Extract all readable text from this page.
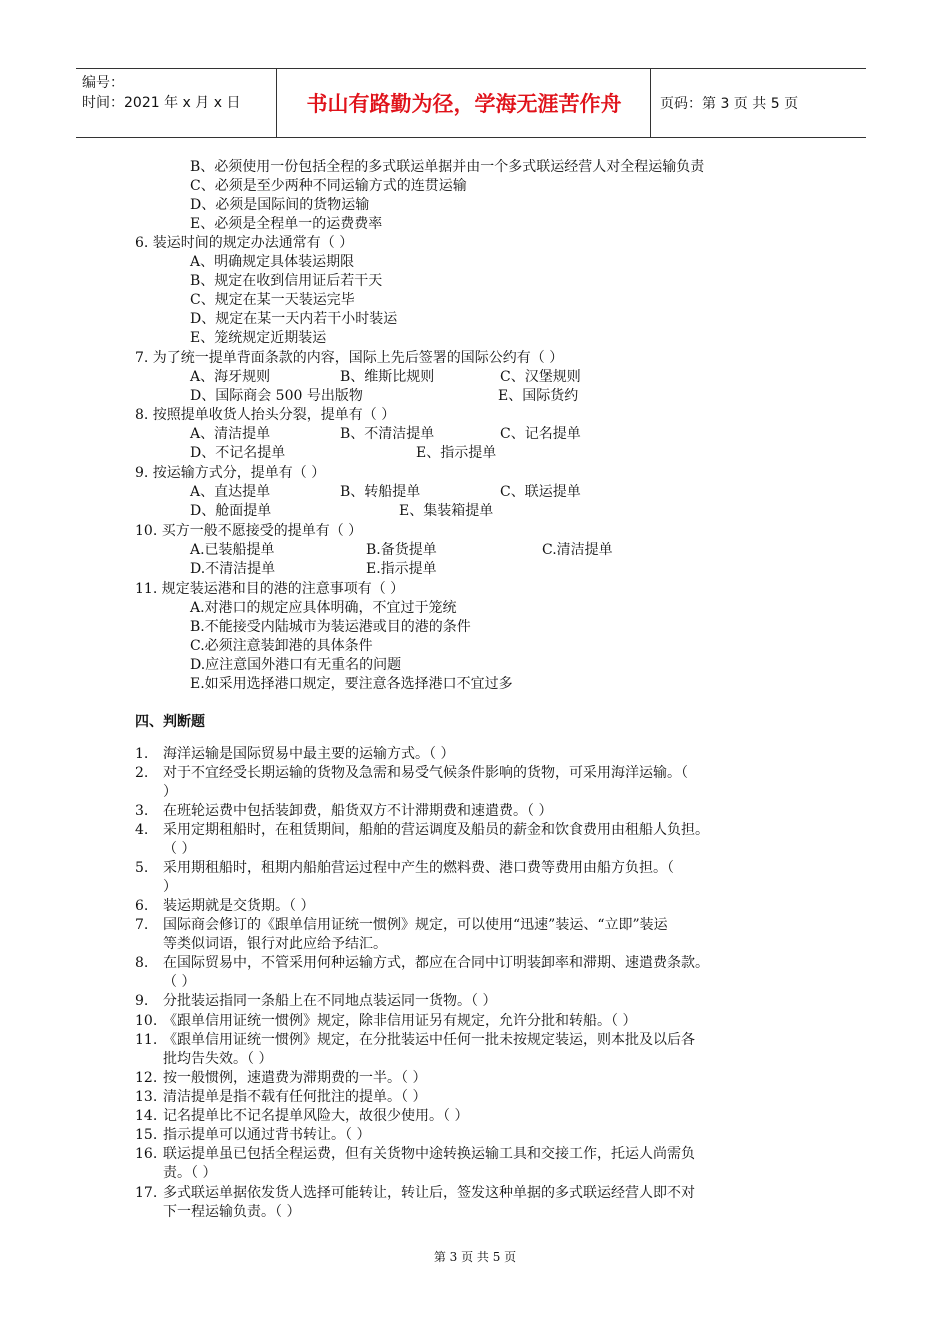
编号：
时间：2021 年 x 月 x 日	书山有路勤为径，学海无涯苦作舟	页码：第 3 页 共 5 页
B、必须使用一份包括全程的多式联运单据并由一个多式联运经营人对全程运输负责
C、必须是至少两种不同运输方式的连贯运输
D、必须是国际间的货物运输
E、必须是全程单一的运费费率
6. 装运时间的规定办法通常有（ ）
A、明确规定具体装运期限
B、规定在收到信用证后若干天
C、规定在某一天装运完毕
D、规定在某一天内若干小时装运
E、笼统规定近期装运
7. 为了统一提单背面条款的内容，国际上先后签署的国际公约有（ ）
A、海牙规则	B、维斯比规则	C、汉堡规则
D、国际商会 500 号出版物	E、国际货约
8. 按照提单收货人抬头分裂，提单有（ ）
A、清洁提单	B、不清洁提单	C、记名提单
D、不记名提单	E、指示提单
9. 按运输方式分，提单有（ ）
A、直达提单	B、转船提单	C、联运提单
D、舱面提单	E、集装箱提单
10. 买方一般不愿接受的提单有（ ）
A.已装船提单	B.备货提单	C.清洁提单
D.不清洁提单	E.指示提单
11. 规定装运港和目的港的注意事项有（ ）
A.对港口的规定应具体明确，不宜过于笼统
B.不能接受内陆城市为装运港或目的港的条件
C.必须注意装卸港的具体条件
D.应注意国外港口有无重名的问题
E.如采用选择港口规定，要注意各选择港口不宜过多
四、判断题
1. 海洋运输是国际贸易中最主要的运输方式。（ ）
2. 对于不宜经受长期运输的货物及急需和易受气候条件影响的货物，可采用海洋运输。（
）
3. 在班轮运费中包括装卸费，船货双方不计滞期费和速遣费。（ ）
4. 采用定期租船时，在租赁期间，船舶的营运调度及船员的薪金和饮食费用由租船人负担。
（ ）
5. 采用期租船时，租期内船舶营运过程中产生的燃料费、港口费等费用由船方负担。（
）
6. 装运期就是交货期。（ ）
7. 国际商会修订的《跟单信用证统一惯例》规定，可以使用“迅速”装运、“立即”装运
等类似词语，银行对此应给予结汇。
8. 在国际贸易中，不管采用何种运输方式，都应在合同中订明装卸率和滞期、速遣费条款。
（ ）
9. 分批装运指同一条船上在不同地点装运同一货物。（ ）
10. 《跟单信用证统一惯例》规定，除非信用证另有规定，允许分批和转船。（ ）
11. 《跟单信用证统一惯例》规定，在分批装运中任何一批未按规定装运，则本批及以后各
批均告失效。（ ）
12. 按一般惯例，速遣费为滞期费的一半。（ ）
13. 清洁提单是指不载有任何批注的提单。（ ）
14. 记名提单比不记名提单风险大，故很少使用。（ ）
15. 指示提单可以通过背书转让。（ ）
16. 联运提单虽已包括全程运费，但有关货物中途转换运输工具和交接工作，托运人尚需负
责。（ ）
17. 多式联运单据依发货人选择可能转让，转让后，签发这种单据的多式联运经营人即不对
下一程运输负责。（ ）
第 3 页 共 5 页
